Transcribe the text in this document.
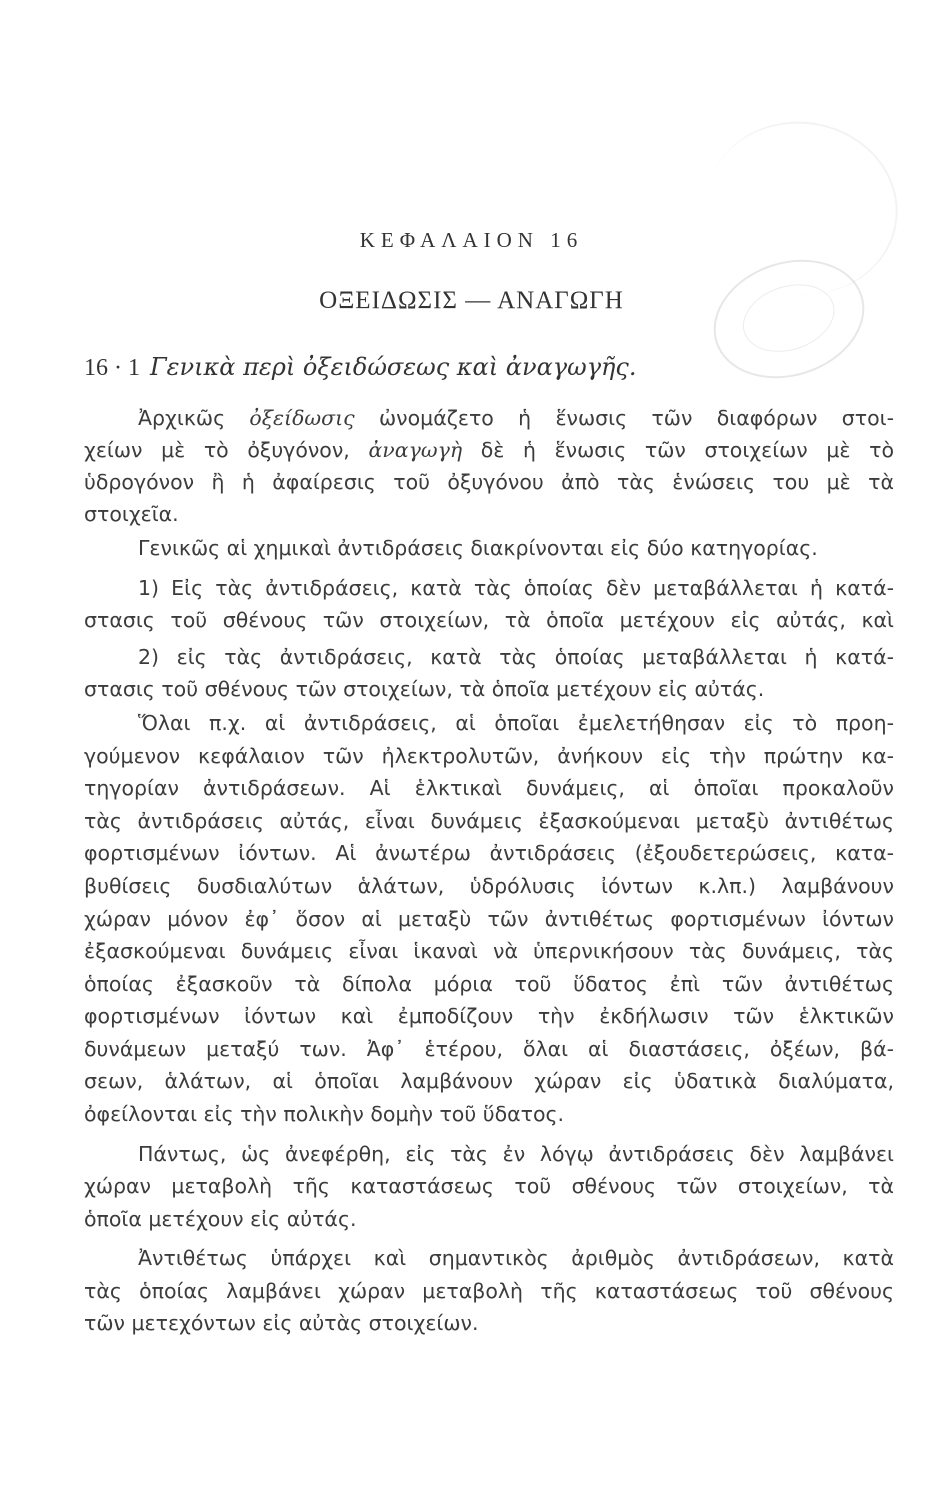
ΚΕΦΑΛΑΙΟΝ 16
ΟΞΕΙΔΩΣΙΣ — ΑΝΑΓΩΓΗ
16 · 1 Γενικὰ περὶ ὀξειδώσεως καὶ ἀναγωγῆς.
Ἀρχικῶς ὀξείδωσις ὠνομάζετο ἡ ἕνωσις τῶν διαφόρων στοι-
χείων μὲ τὸ ὀξυγόνον, ἀναγωγὴ δὲ ἡ ἕνωσις τῶν στοιχείων μὲ τὸ
ὑδρογόνον ἢ ἡ ἀφαίρεσις τοῦ ὀξυγόνου ἀπὸ τὰς ἑνώσεις του μὲ τὰ
στοιχεῖα.
Γενικῶς αἱ χημικαὶ ἀντιδράσεις διακρίνονται εἰς δύο κατηγορίας.
1) Εἰς τὰς ἀντιδράσεις, κατὰ τὰς ὁποίας δὲν μεταβάλλεται ἡ κατά-
στασις τοῦ σθένους τῶν στοιχείων, τὰ ὁποῖα μετέχουν εἰς αὐτάς, καὶ
2) εἰς τὰς ἀντιδράσεις, κατὰ τὰς ὁποίας μεταβάλλεται ἡ κατά-
στασις τοῦ σθένους τῶν στοιχείων, τὰ ὁποῖα μετέχουν εἰς αὐτάς.
Ὅλαι π.χ. αἱ ἀντιδράσεις, αἱ ὁποῖαι ἐμελετήθησαν εἰς τὸ προη-
γούμενον κεφάλαιον τῶν ἠλεκτρολυτῶν, ἀνήκουν εἰς τὴν πρώτην κα-
τηγορίαν ἀντιδράσεων. Αἱ ἑλκτικαὶ δυνάμεις, αἱ ὁποῖαι προκαλοῦν
τὰς ἀντιδράσεις αὐτάς, εἶναι δυνάμεις ἐξασκούμεναι μεταξὺ ἀντιθέτως
φορτισμένων ἰόντων. Αἱ ἀνωτέρω ἀντιδράσεις (ἐξουδετερώσεις, κατα-
βυθίσεις δυσδιαλύτων ἁλάτων, ὑδρόλυσις ἰόντων κ.λπ.) λαμβάνουν
χώραν μόνον ἐφ᾽ ὅσον αἱ μεταξὺ τῶν ἀντιθέτως φορτισμένων ἰόντων
ἐξασκούμεναι δυνάμεις εἶναι ἱκαναὶ νὰ ὑπερνικήσουν τὰς δυνάμεις, τὰς
ὁποίας ἐξασκοῦν τὰ δίπολα μόρια τοῦ ὕδατος ἐπὶ τῶν ἀντιθέτως
φορτισμένων ἰόντων καὶ ἐμποδίζουν τὴν ἐκδήλωσιν τῶν ἑλκτικῶν
δυνάμεων μεταξύ των. Ἀφ᾽ ἑτέρου, ὅλαι αἱ διαστάσεις, ὀξέων, βά-
σεων, ἁλάτων, αἱ ὁποῖαι λαμβάνουν χώραν εἰς ὑδατικὰ διαλύματα,
ὀφείλονται εἰς τὴν πολικὴν δομὴν τοῦ ὕδατος.
Πάντως, ὡς ἀνεφέρθη, εἰς τὰς ἐν λόγῳ ἀντιδράσεις δὲν λαμβάνει
χώραν μεταβολὴ τῆς καταστάσεως τοῦ σθένους τῶν στοιχείων, τὰ
ὁποῖα μετέχουν εἰς αὐτάς.
Ἀντιθέτως ὑπάρχει καὶ σημαντικὸς ἀριθμὸς ἀντιδράσεων, κατὰ
τὰς ὁποίας λαμβάνει χώραν μεταβολὴ τῆς καταστάσεως τοῦ σθένους
τῶν μετεχόντων εἰς αὐτὰς στοιχείων.
